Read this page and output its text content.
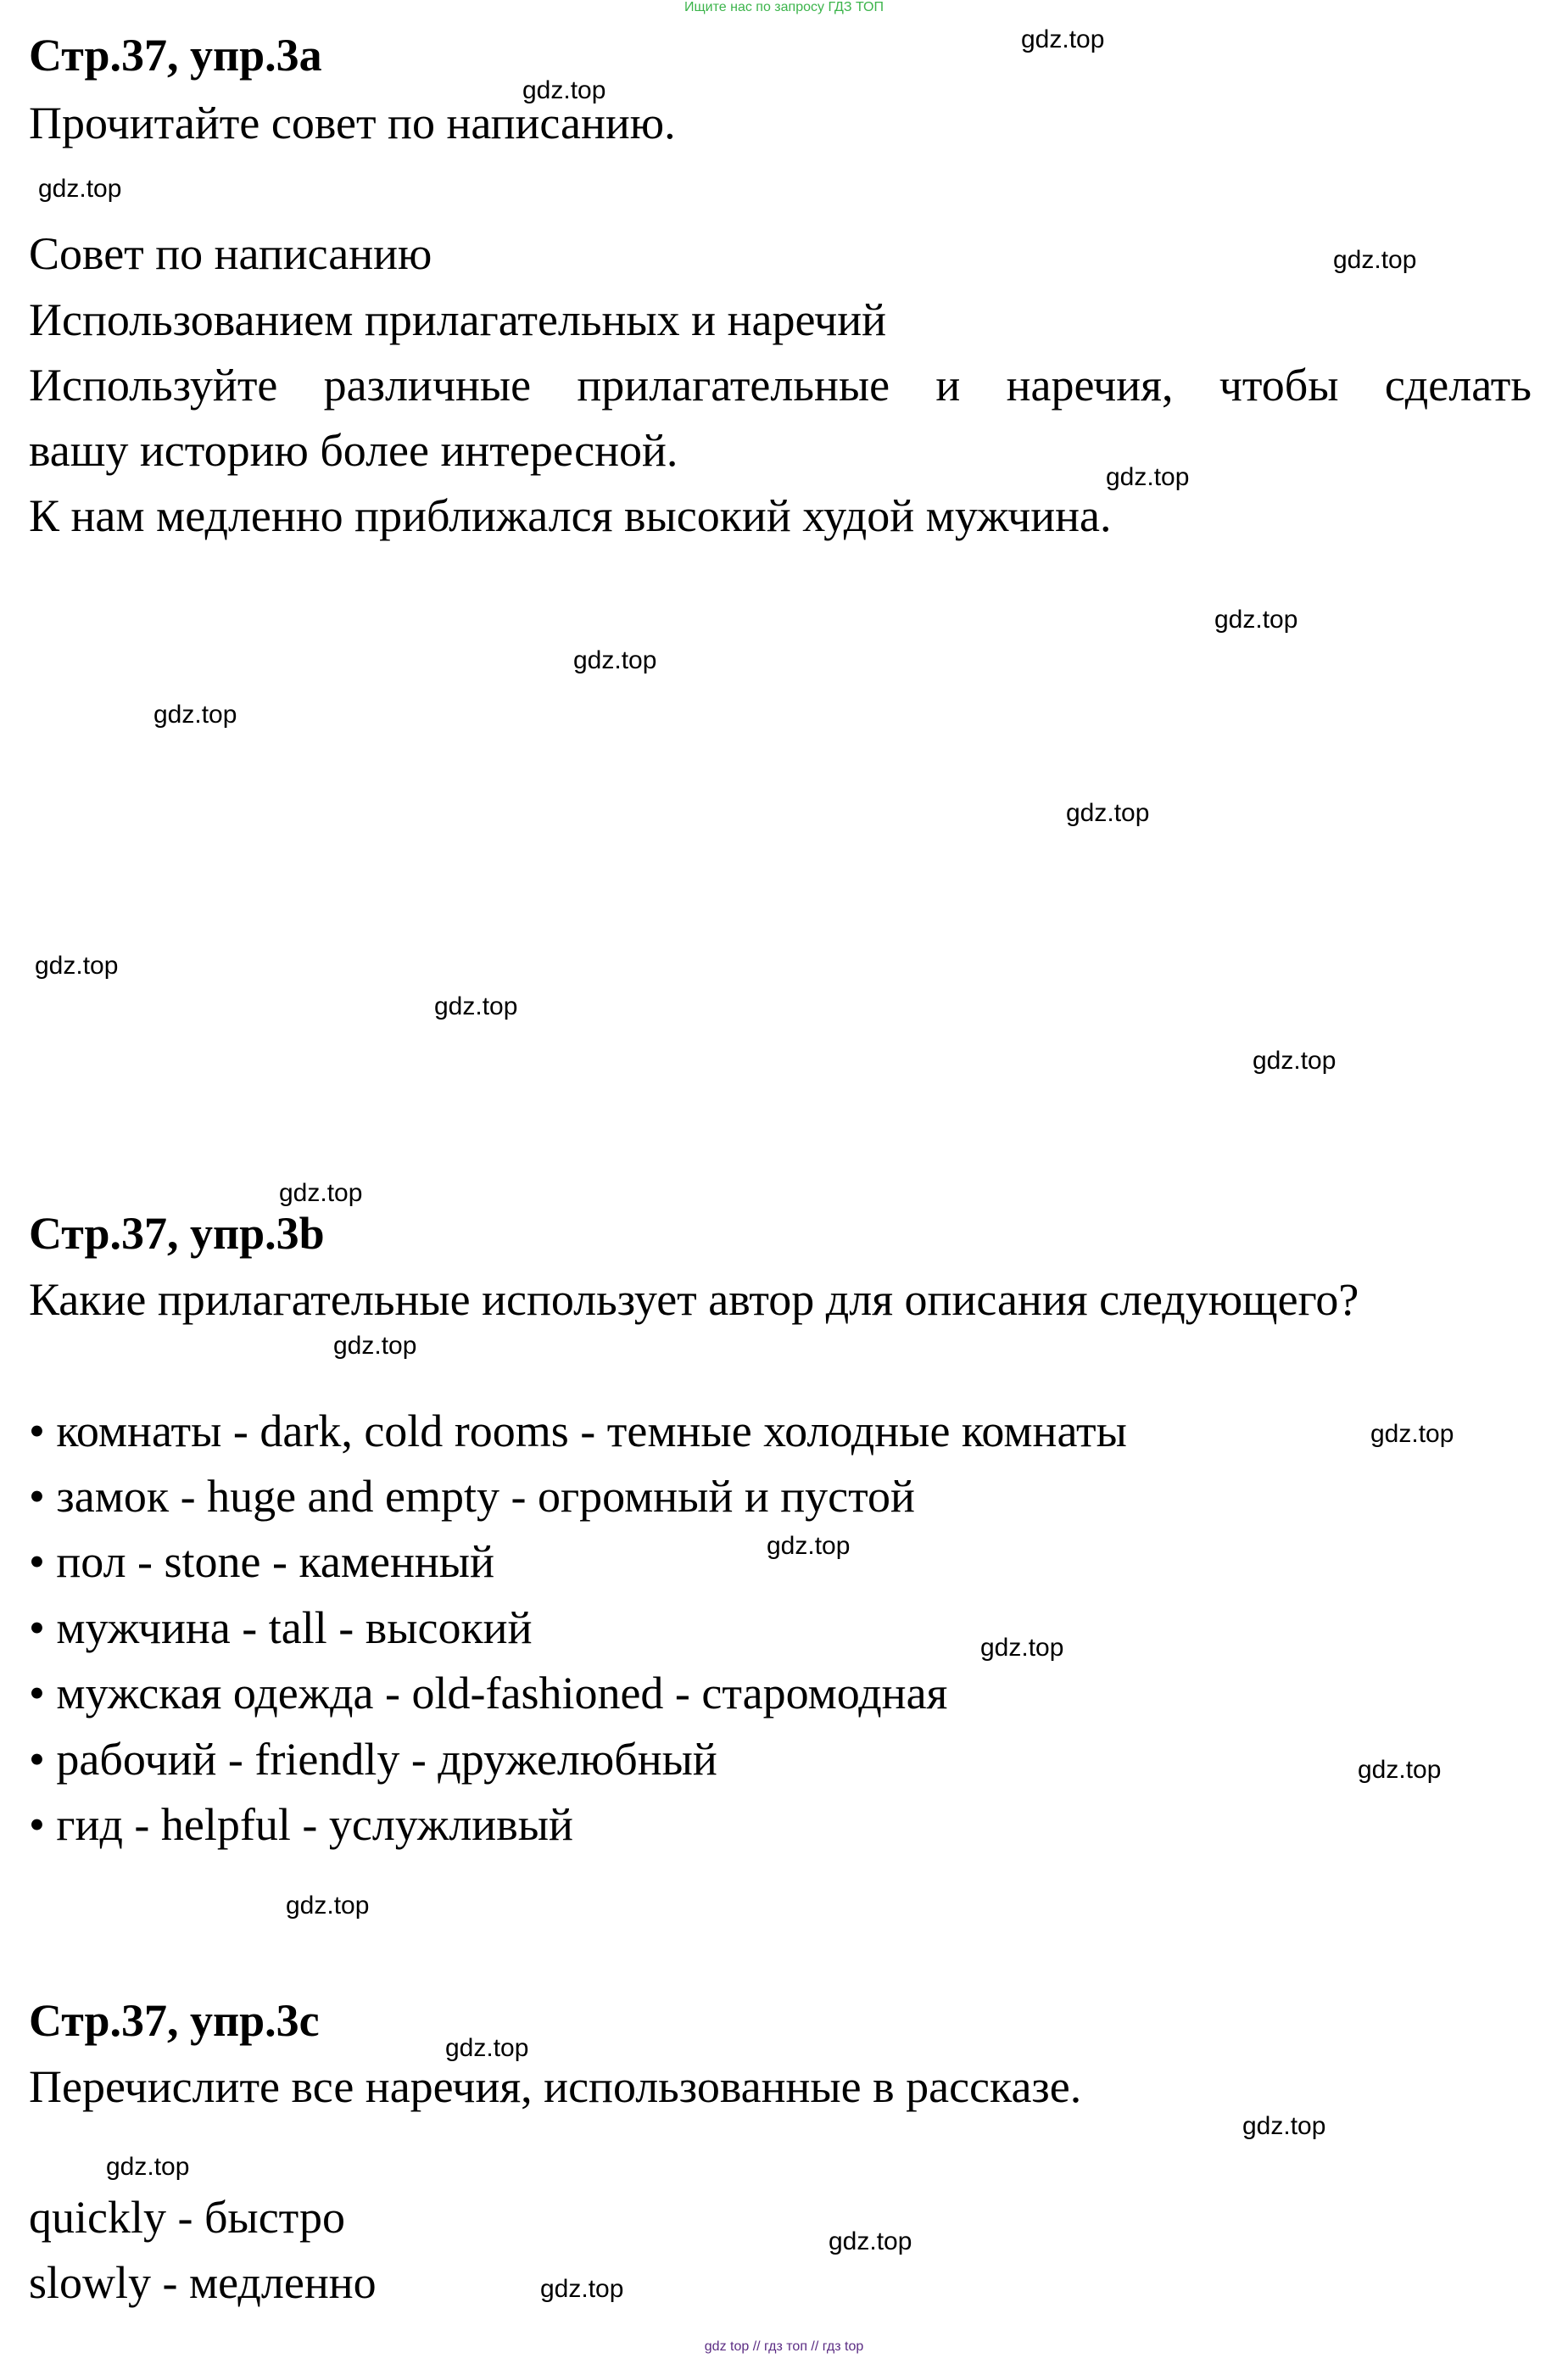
Ищите нас по запросу ГДЗ ТОП
Стр.37, упр.3a
Прочитайте совет по написанию.
Совет по написанию
Использованием прилагательных и наречий
Используйте различные прилагательные и наречия, чтобы сделать
вашу историю более интересной.
К нам медленно приближался высокий худой мужчина.
Стр.37, упр.3b
Какие прилагательные использует автор для описания следующего?
• комнаты - dark, cold rooms - темные холодные комнаты
• замок - huge and empty - огромный и пустой
• пол - stone - каменный
• мужчина - tall - высокий
• мужская одежда - old-fashioned - старомодная
• рабочий - friendly - дружелюбный
• гид - helpful - услужливый
Стр.37, упр.3c
Перечислите все наречия, использованные в рассказе.
quickly - быстро
slowly - медленно
gdz.top
gdz.top
gdz.top
gdz.top
gdz.top
gdz.top
gdz.top
gdz.top
gdz.top
gdz.top
gdz.top
gdz.top
gdz.top
gdz.top
gdz.top
gdz.top
gdz.top
gdz.top
gdz.top
gdz.top
gdz.top
gdz.top
gdz.top
gdz.top
gdz top // гдз топ // гдз top
